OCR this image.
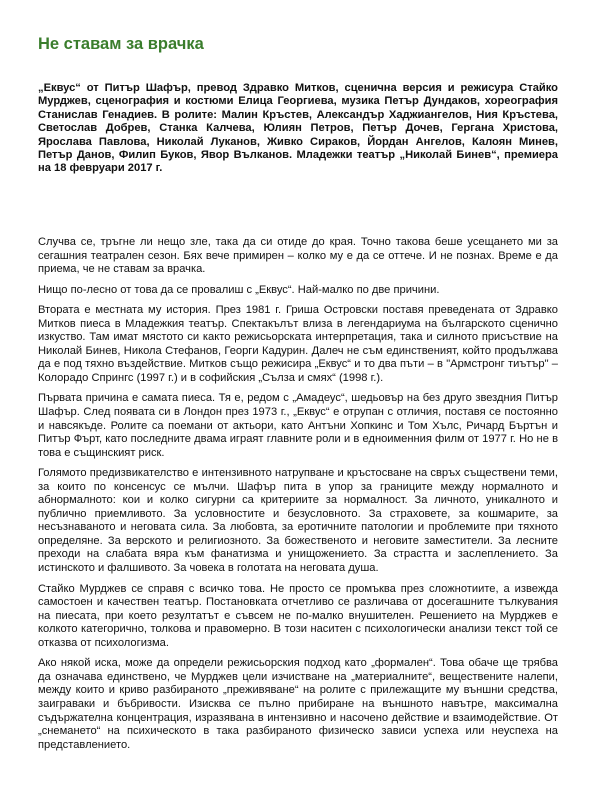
Не ставам за врачка

„Еквус“ от Питър Шафър, превод Здравко Митков, сценична версия и режисура Стайко Мурджев, сценография и костюми Елица Георгиева, музика Петър Дундаков, хореография Станислав Генадиев. В ролите: Малин Кръстев, Александър Хаджиангелов, Ния Кръстева, Светослав Добрев, Станка Калчева, Юлиян Петров, Петър Дочев, Гергана Христова, Ярослава Павлова, Николай Луканов, Живко Сираков, Йордан Ангелов, Калоян Минев, Петър Данов, Филип Буков, Явор Вълканов. Младежки театър „Николай Бинев“, премиера на 18 февруари 2017 г.

Случва се, тръгне ли нещо зле, така да си отиде до края. Точно такова беше усещането ми за сегашния театрален сезон. Бях вече примирен – колко му е да се оттече. И не познах. Време е да приема, че не ставам за врачка.

Нищо по-лесно от това да се провалиш с „Еквус“. Най-малко по две причини.

Втората е местната му история. През 1981 г. Гриша Островски поставя преведената от Здравко Митков пиеса в Младежкия театър. Спектакълът влиза в легендариума на българското сценично изкуство. Там имат мястото си както режисьорската интерпретация, така и силното присъствие на Николай Бинев, Никола Стефанов, Георги Кадурин. Далеч не съм единственият, който продължава да е под тяхно въздействие. Митков също режисира „Еквус“ и то два пъти – в "Армстронг тиътър" – Колорадо Спрингс (1997 г.) и в софийския „Сълза и смях“ (1998 г.).

Първата причина е самата пиеса. Тя е, редом с „Амадеус“, шедьовър на без друго звездния Питър Шафър. След появата си в Лондон през 1973 г., „Еквус“ е отрупан с отличия, поставя се постоянно и навсякъде. Ролите са поемани от актьори, като Антъни Хопкинс и Том Хълс, Ричард Бъртън и Питър Фърт, като последните двама играят главните роли и в едноименния филм от 1977 г. Но не в това е същинският риск.

Голямото предизвикателство е интензивното натрупване и кръстосване на свръх съществени теми, за които по консенсус се мълчи. Шафър пита в упор за границите между нормалното и абнормалното: кои и колко сигурни са критериите за нормалност. За личното, уникалното и публично приемливото. За условностите и безусловното. За страховете, за кошмарите, за несъзнаваното и неговата сила. За любовта, за еротичните патологии и проблемите при тяхното определяне. За верското и религиозното. За божественото и неговите заместители. За лесните преходи на слабата вяра към фанатизма и унищожението. За страстта и заслеплението. За истинското и фалшивото. За човека в голотата на неговата душа.

Стайко Мурджев се справя с всичко това. Не просто се промъква през сложнотиите, а извежда самостоен и качествен театър. Постановката отчетливо се различава от досегашните тълкувания на пиесата, при което резултатът е съвсем не по-малко внушителен. Решението на Мурджев е колкото категорично, толкова и правомерно. В този наситен с психологически анализи текст той се отказва от психологизма.

Ако някой иска, може да определи режисьорския подход като „формален“. Това обаче ще трябва да означава единствено, че Мурджев цели изчистване на „материалните“, веществените налепи, между които и криво разбираното „преживяване“ на ролите с прилежащите му външни средства, заиграваки и бъбривости. Изисква се пълно прибиране на външното навътре, максимална съдържателна концентрация, изразявана в интензивно и насочено действие и взаимодействие. От „снемането“ на психическото в така разбираното физическо зависи успеха или неуспеха на представлението.
